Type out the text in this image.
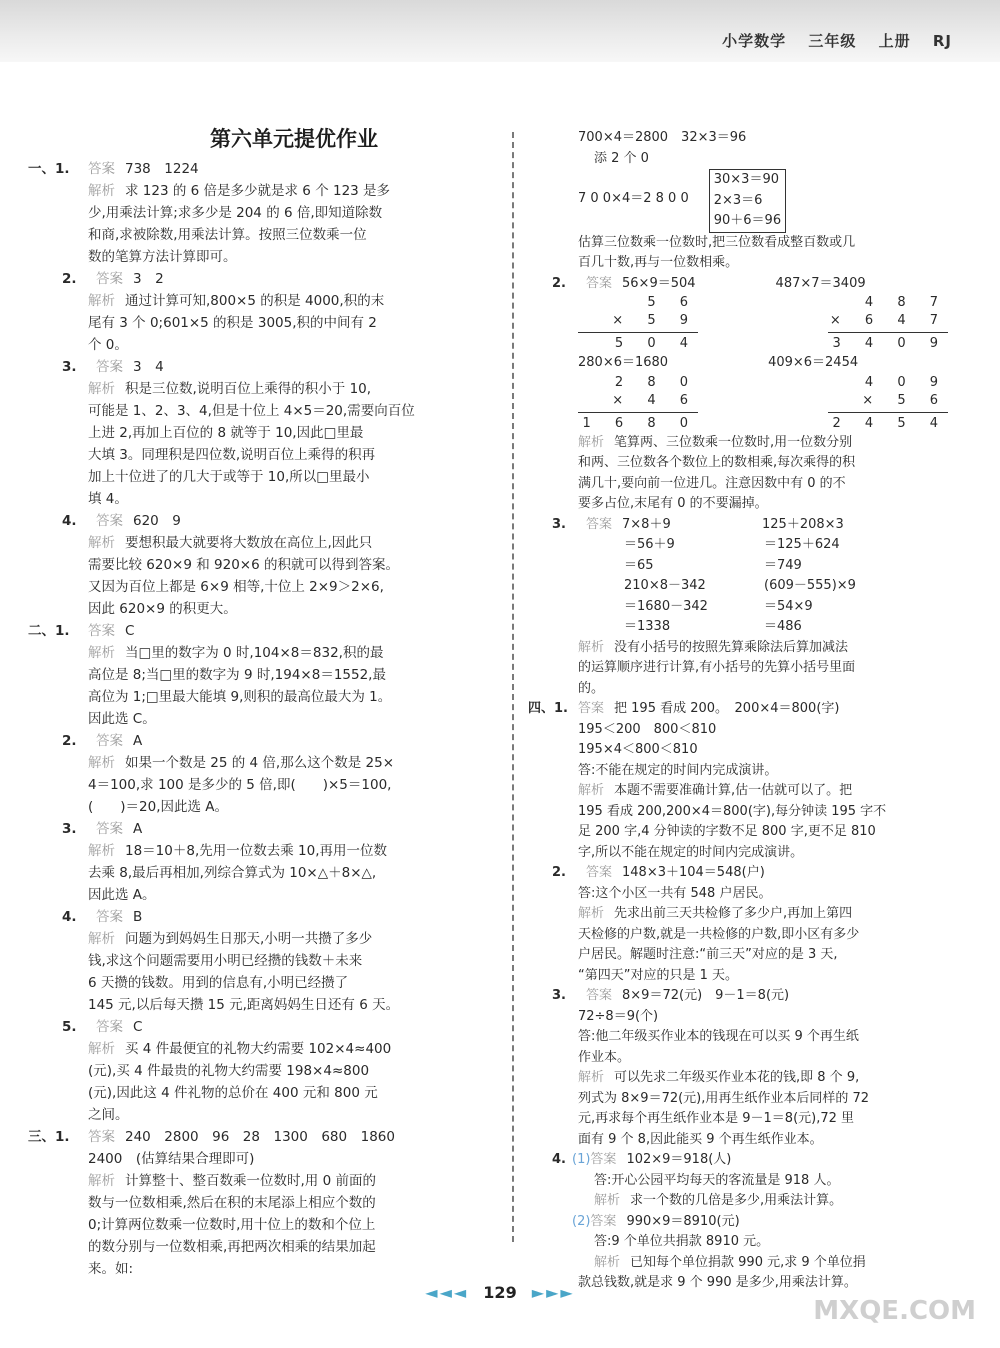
小学数学　 三年级　 上册　 RJ
第六单元提优作业
一、1. 答案 738　1224
解析 求 123 的 6 倍是多少就是求 6 个 123 是多
少,用乘法计算;求多少是 204 的 6 倍,即知道除数
和商,求被除数,用乘法计算。按照三位数乘一位
数的笔算方法计算即可。
2. 答案 3　2
解析 通过计算可知,800×5 的积是 4000,积的末
尾有 3 个 0;601×5 的积是 3005,积的中间有 2
个 0。
3. 答案 3　4
解析 积是三位数,说明百位上乘得的积小于 10,
可能是 1、2、3、4,但是十位上 4×5＝20,需要向百位
上进 2,再加上百位的 8 就等于 10,因此□里最
大填 3。同理积是四位数,说明百位上乘得的积再
加上十位进了的几大于或等于 10,所以□里最小
填 4。
4. 答案 620　9
解析 要想积最大就要将大数放在高位上,因此只
需要比较 620×9 和 920×6 的积就可以得到答案。
又因为百位上都是 6×9 相等,十位上 2×9＞2×6,
因此 620×9 的积更大。
二、1. 答案 C
解析 当□里的数字为 0 时,104×8＝832,积的最
高位是 8;当□里的数字为 9 时,194×8＝1552,最
高位为 1;□里最大能填 9,则积的最高位最大为 1。
因此选 C。
2. 答案 A
解析 如果一个数是 25 的 4 倍,那么这个数是 25×
4＝100,求 100 是多少的 5 倍,即(　　)×5＝100,
(　　)＝20,因此选 A。
3. 答案 A
解析 18＝10＋8,先用一位数去乘 10,再用一位数
去乘 8,最后再相加,列综合算式为 10×△＋8×△,
因此选 A。
4. 答案 B
解析 问题为到妈妈生日那天,小明一共攒了多少
钱,求这个问题需要用小明已经攒的钱数＋未来
6 天攒的钱数。用到的信息有,小明已经攒了
145 元,以后每天攒 15 元,距离妈妈生日还有 6 天。
5. 答案 C
解析 买 4 件最便宜的礼物大约需要 102×4≈400
(元),买 4 件最贵的礼物大约需要 198×4≈800
(元),因此这 4 件礼物的总价在 400 元和 800 元
之间。
三、1. 答案 240　2800　96　28　1300　680　1860
2400　(估算结果合理即可)
解析 计算整十、整百数乘一位数时,用 0 前面的
数与一位数相乘,然后在积的末尾添上相应个数的
0;计算两位数乘一位数时,用十位上的数和个位上
的数分别与一位数相乘,再把两次相乘的结果加起
来。如:
700×4＝2800　32×3＝96
添 2 个 0
7 0 0×4＝2 8 0 0
30×3＝90
2×3＝6
90＋6＝96
估算三位数乘一位数时,把三位数看成整百数或几
百几十数,再与一位数相乘。
2. 答案 56×9＝504	487×7＝3409
5 6
× 5 9
5 0 4
4 8 7
× 6 4 7
3 4 0 9
280×6＝1680	409×6＝2454
2 8 0
× 4 6
1 6 8 0
4 0 9
× 5 6
2 4 5 4
解析 笔算两、三位数乘一位数时,用一位数分别
和两、三位数各个数位上的数相乘,每次乘得的积
满几十,要向前一位进几。注意因数中有 0 的不
要多占位,末尾有 0 的不要漏掉。
3. 答案 7×8＋9	125＋208×3
＝56＋9	＝125＋624
＝65	＝749
210×8－342	(609－555)×9
＝1680－342	＝54×9
＝1338	＝486
解析 没有小括号的按照先算乘除法后算加减法
的运算顺序进行计算,有小括号的先算小括号里面
的。
四、1. 答案 把 195 看成 200。　200×4＝800(字)
195＜200　800＜810
195×4＜800＜810
答:不能在规定的时间内完成演讲。
解析 本题不需要准确计算,估一估就可以了。把
195 看成 200,200×4＝800(字),每分钟读 195 字不
足 200 字,4 分钟读的字数不足 800 字,更不足 810
字,所以不能在规定的时间内完成演讲。
2. 答案 148×3＋104＝548(户)
答:这个小区一共有 548 户居民。
解析 先求出前三天共检修了多少户,再加上第四
天检修的户数,就是一共检修的户数,即小区有多少
户居民。解题时注意:“前三天”对应的是 3 天,
“第四天”对应的只是 1 天。
3. 答案 8×9＝72(元)　9－1＝8(元)
72÷8＝9(个)
答:他二年级买作业本的钱现在可以买 9 个再生纸
作业本。
解析 可以先求二年级买作业本花的钱,即 8 个 9,
列式为 8×9＝72(元),用再生纸作业本后同样的 72
元,再求每个再生纸作业本是 9－1＝8(元),72 里
面有 9 个 8,因此能买 9 个再生纸作业本。
4. (1)答案 102×9＝918(人)
答:开心公园平均每天的客流量是 918 人。
解析 求一个数的几倍是多少,用乘法计算。
(2)答案 990×9＝8910(元)
答:9 个单位共捐款 8910 元。
解析 已知每个单位捐款 990 元,求 9 个单位捐
款总钱数,就是求 9 个 990 是多少,用乘法计算。
◄◄◄ 129 ►►►
MXQE.COM
